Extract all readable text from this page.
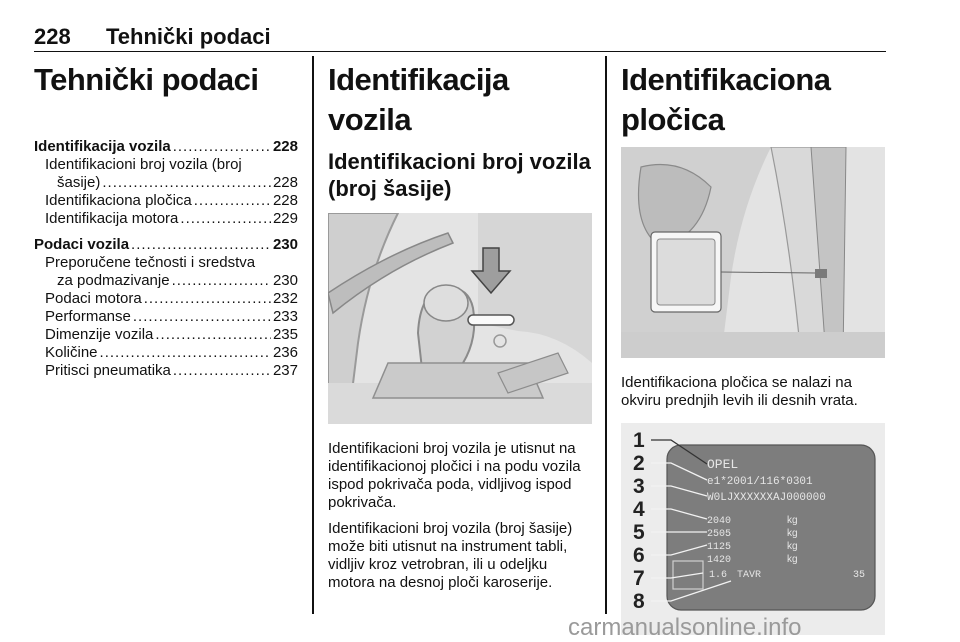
228	Tehnički podaci
Tehnički podaci
Identifikacija vozila .....	228
Identifikacioni broj vozila (broj
šasije) .....	228
Identifikaciona pločica .....	228
Identifikacija motora .....	229
Podaci vozila .....	230
Preporučene tečnosti i sredstva
za podmazivanje .....	230
Podaci motora .....	232
Performanse .....	233
Dimenzije vozila .....	235
Količine .....	236
Pritisci pneumatika .....	237
Identifikacija vozila
Identifikacioni broj vozila
(broj šasije)
Identifikacioni broj vozila je utisnut na identifikacionoj pločici i na podu vozila ispod pokrivača poda, vidljivog ispod pokrivača.
Identifikacioni broj vozila (broj šasije) može biti utisnut na instrument tabli, vidljiv kroz vetrobran, ili u odeljku motora na desnoj ploči karoserije.
Identifikaciona pločica
Identifikaciona pločica se nalazi na okviru prednjih levih ili desnih vrata.
OPEL
e1*2001/116*0301
W0LJXXXXXXAJ000000
2040
2505
1125
1420
kg
kg
kg
kg
1.6 TAVR	35
1
2
3
4
5
6
7
8
carmanualsonline.info
